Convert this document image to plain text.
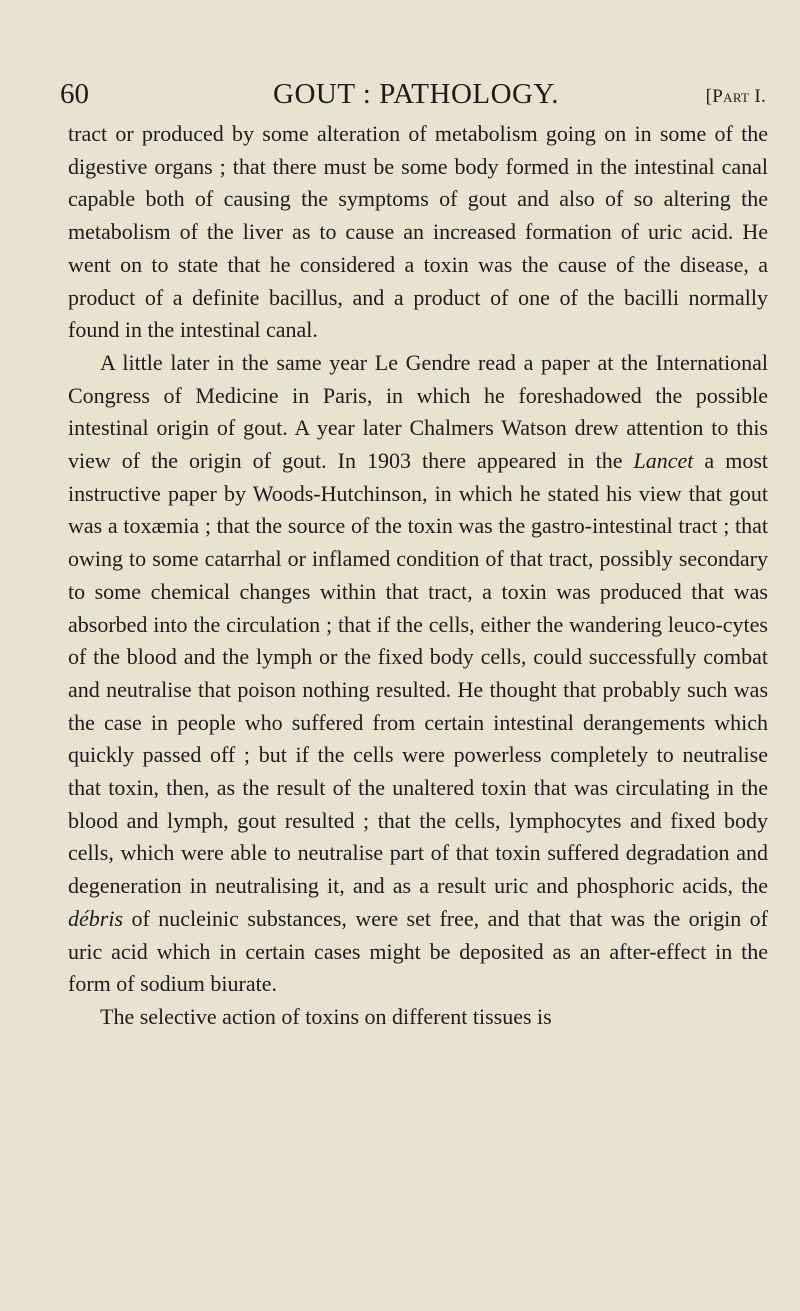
60	GOUT : PATHOLOGY.	[Part I.

tract or produced by some alteration of metabolism going on in some of the digestive organs ; that there must be some body formed in the intestinal canal capable both of causing the symptoms of gout and also of so altering the metabolism of the liver as to cause an increased formation of uric acid. He went on to state that he considered a toxin was the cause of the disease, a product of a definite bacillus, and a product of one of the bacilli normally found in the intestinal canal.

A little later in the same year Le Gendre read a paper at the International Congress of Medicine in Paris, in which he foreshadowed the possible intestinal origin of gout. A year later Chalmers Watson drew attention to this view of the origin of gout. In 1903 there appeared in the Lancet a most instructive paper by Woods-Hutchinson, in which he stated his view that gout was a toxæmia ; that the source of the toxin was the gastro-intestinal tract ; that owing to some catarrhal or inflamed condition of that tract, possibly secondary to some chemical changes within that tract, a toxin was produced that was absorbed into the circulation ; that if the cells, either the wandering leuco-cytes of the blood and the lymph or the fixed body cells, could successfully combat and neutralise that poison nothing resulted. He thought that probably such was the case in people who suffered from certain intestinal derangements which quickly passed off ; but if the cells were powerless completely to neutralise that toxin, then, as the result of the unaltered toxin that was circulating in the blood and lymph, gout resulted ; that the cells, lymphocytes and fixed body cells, which were able to neutralise part of that toxin suffered degradation and degeneration in neutralising it, and as a result uric and phosphoric acids, the débris of nucleinic substances, were set free, and that that was the origin of uric acid which in certain cases might be deposited as an after-effect in the form of sodium biurate.

The selective action of toxins on different tissues is
